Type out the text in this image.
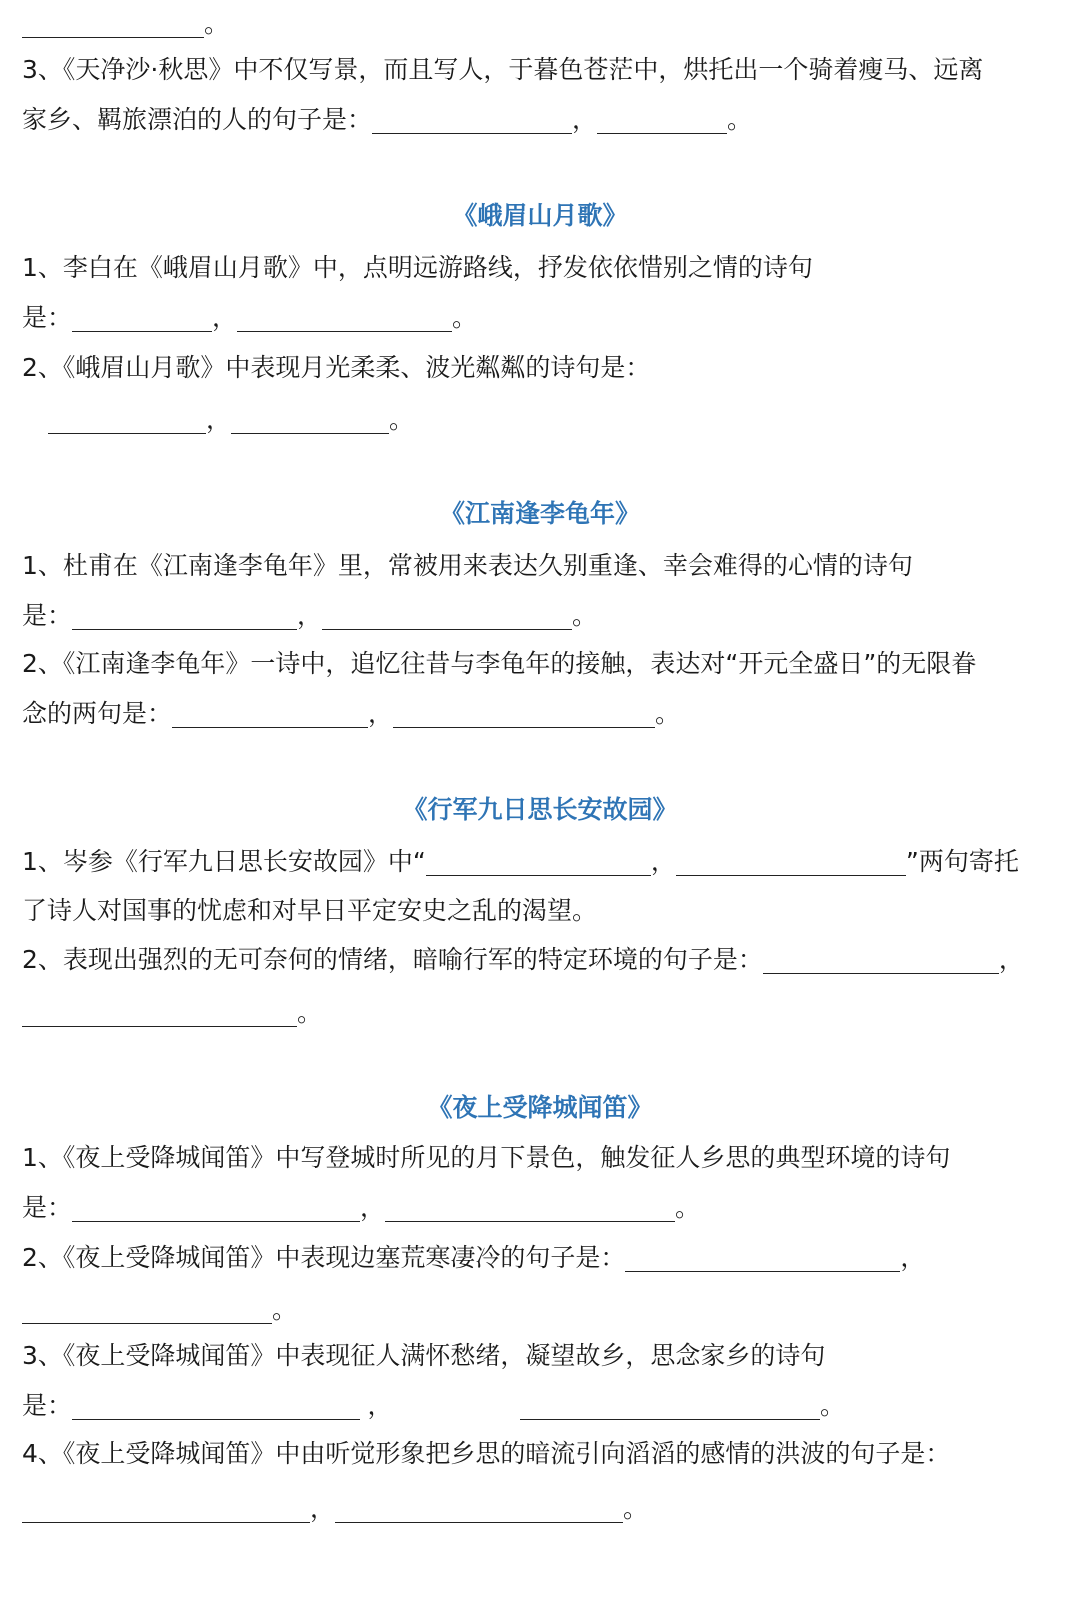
。
3、《天净沙·秋思》中不仅写景，而且写人，于暮色苍茫中，烘托出一个骑着瘦马、远离
家乡、羁旅漂泊的人的句子是：	，	。
《峨眉山月歌》
1、李白在《峨眉山月歌》中，点明远游路线，抒发依依惜别之情的诗句
是：	，	。
2、《峨眉山月歌》中表现月光柔柔、波光粼粼的诗句是：
，	。
《江南逢李龟年》
1、杜甫在《江南逢李龟年》里，常被用来表达久别重逢、幸会难得的心情的诗句
是：	，	。
2、《江南逢李龟年》一诗中，追忆往昔与李龟年的接触，表达对“开元全盛日”的无限眷
念的两句是：	，	。
《行军九日思长安故园》
1、岑参《行军九日思长安故园》中“	，	”两句寄托
了诗人对国事的忧虑和对早日平定安史之乱的渴望。
2、表现出强烈的无可奈何的情绪，暗喻行军的特定环境的句子是：	，
。
《夜上受降城闻笛》
1、《夜上受降城闻笛》中写登城时所见的月下景色，触发征人乡思的典型环境的诗句
是：	，	。
2、《夜上受降城闻笛》中表现边塞荒寒凄冷的句子是：	，
。
3、《夜上受降城闻笛》中表现征人满怀愁绪，凝望故乡，思念家乡的诗句
是：	，	。
4、《夜上受降城闻笛》中由听觉形象把乡思的暗流引向滔滔的感情的洪波的句子是：
，	。
